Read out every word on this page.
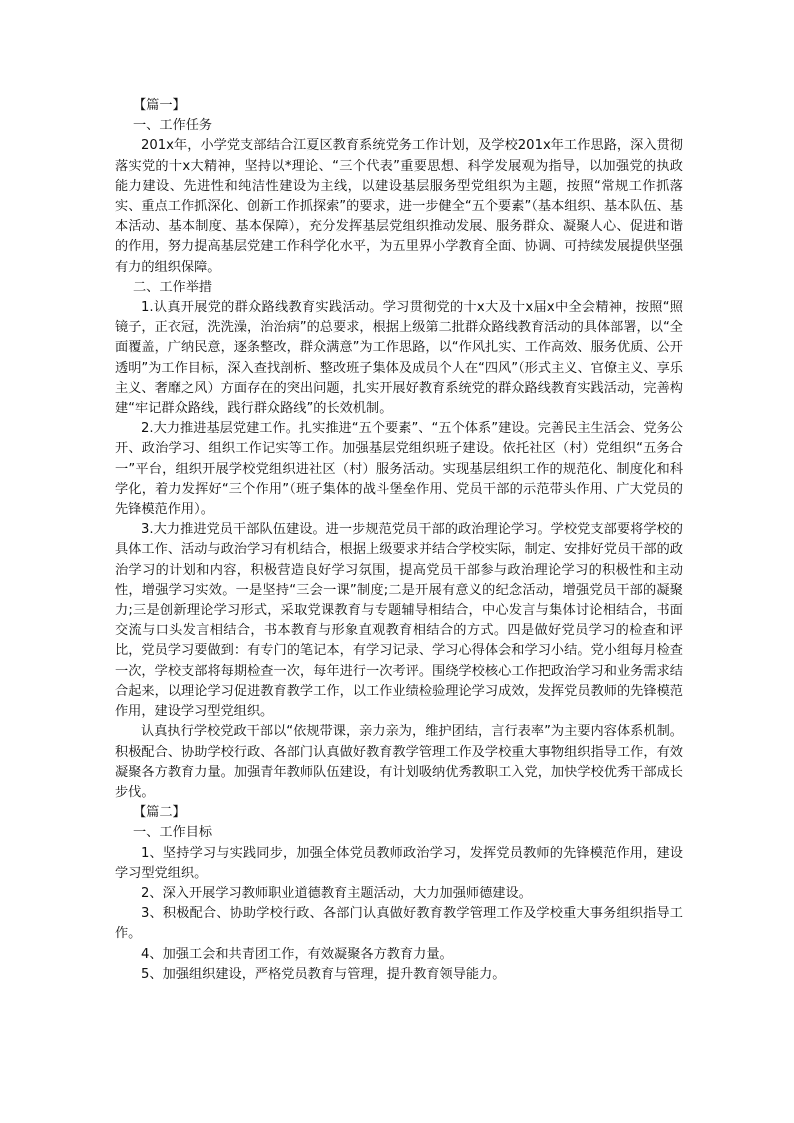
【篇一】

一、工作任务

201x年，小学党支部结合江夏区教育系统党务工作计划，及学校201x年工作思路，深入贯彻落实党的十x大精神，坚持以*理论、“三个代表”重要思想、科学发展观为指导，以加强党的执政能力建设、先进性和纯洁性建设为主线，以建设基层服务型党组织为主题，按照“常规工作抓落实、重点工作抓深化、创新工作抓探索”的要求，进一步健全“五个要素”（基本组织、基本队伍、基本活动、基本制度、基本保障），充分发挥基层党组织推动发展、服务群众、凝聚人心、促进和谐的作用，努力提高基层党建工作科学化水平，为五里界小学教育全面、协调、可持续发展提供坚强有力的组织保障。

二、工作举措

1.认真开展党的群众路线教育实践活动。学习贯彻党的十x大及十x届x中全会精神，按照“照镜子，正衣冠，洗洗澡，治治病”的总要求，根据上级第二批群众路线教育活动的具体部署，以“全面覆盖，广纳民意，逐条整改，群众满意”为工作思路，以“作风扎实、工作高效、服务优质、公开透明”为工作目标，深入查找剖析、整改班子集体及成员个人在“四风”（形式主义、官僚主义、享乐主义、奢靡之风）方面存在的突出问题，扎实开展好教育系统党的群众路线教育实践活动，完善构建“牢记群众路线，践行群众路线”的长效机制。

2.大力推进基层党建工作。扎实推进“五个要素”、“五个体系”建设。完善民主生活会、党务公开、政治学习、组织工作记实等工作。加强基层党组织班子建设。依托社区（村）党组织“五务合一”平台，组织开展学校党组织进社区（村）服务活动。实现基层组织工作的规范化、制度化和科学化，着力发挥好“三个作用”（班子集体的战斗堡垒作用、党员干部的示范带头作用、广大党员的先锋模范作用）。

3.大力推进党员干部队伍建设。进一步规范党员干部的政治理论学习。学校党支部要将学校的具体工作、活动与政治学习有机结合，根据上级要求并结合学校实际，制定、安排好党员干部的政治学习的计划和内容，积极营造良好学习氛围，提高党员干部参与政治理论学习的积极性和主动性，增强学习实效。一是坚持“三会一课”制度;二是开展有意义的纪念活动，增强党员干部的凝聚力;三是创新理论学习形式，采取党课教育与专题辅导相结合，中心发言与集体讨论相结合，书面交流与口头发言相结合，书本教育与形象直观教育相结合的方式。四是做好党员学习的检查和评比，党员学习要做到：有专门的笔记本，有学习记录、学习心得体会和学习小结。党小组每月检查一次，学校支部将每期检查一次，每年进行一次考评。围绕学校核心工作把政治学习和业务需求结合起来，以理论学习促进教育教学工作，以工作业绩检验理论学习成效，发挥党员教师的先锋模范作用，建设学习型党组织。

认真执行学校党政干部以“依规带课，亲力亲为，维护团结，言行表率”为主要内容体系机制。积极配合、协助学校行政、各部门认真做好教育教学管理工作及学校重大事物组织指导工作，有效凝聚各方教育力量。加强青年教师队伍建设，有计划吸纳优秀教职工入党，加快学校优秀干部成长步伐。

【篇二】

一、工作目标

1、坚持学习与实践同步，加强全体党员教师政治学习，发挥党员教师的先锋模范作用，建设学习型党组织。

2、深入开展学习教师职业道德教育主题活动，大力加强师德建设。

3、积极配合、协助学校行政、各部门认真做好教育教学管理工作及学校重大事务组织指导工作。

4、加强工会和共青团工作，有效凝聚各方教育力量。

5、加强组织建设，严格党员教育与管理，提升教育领导能力。
